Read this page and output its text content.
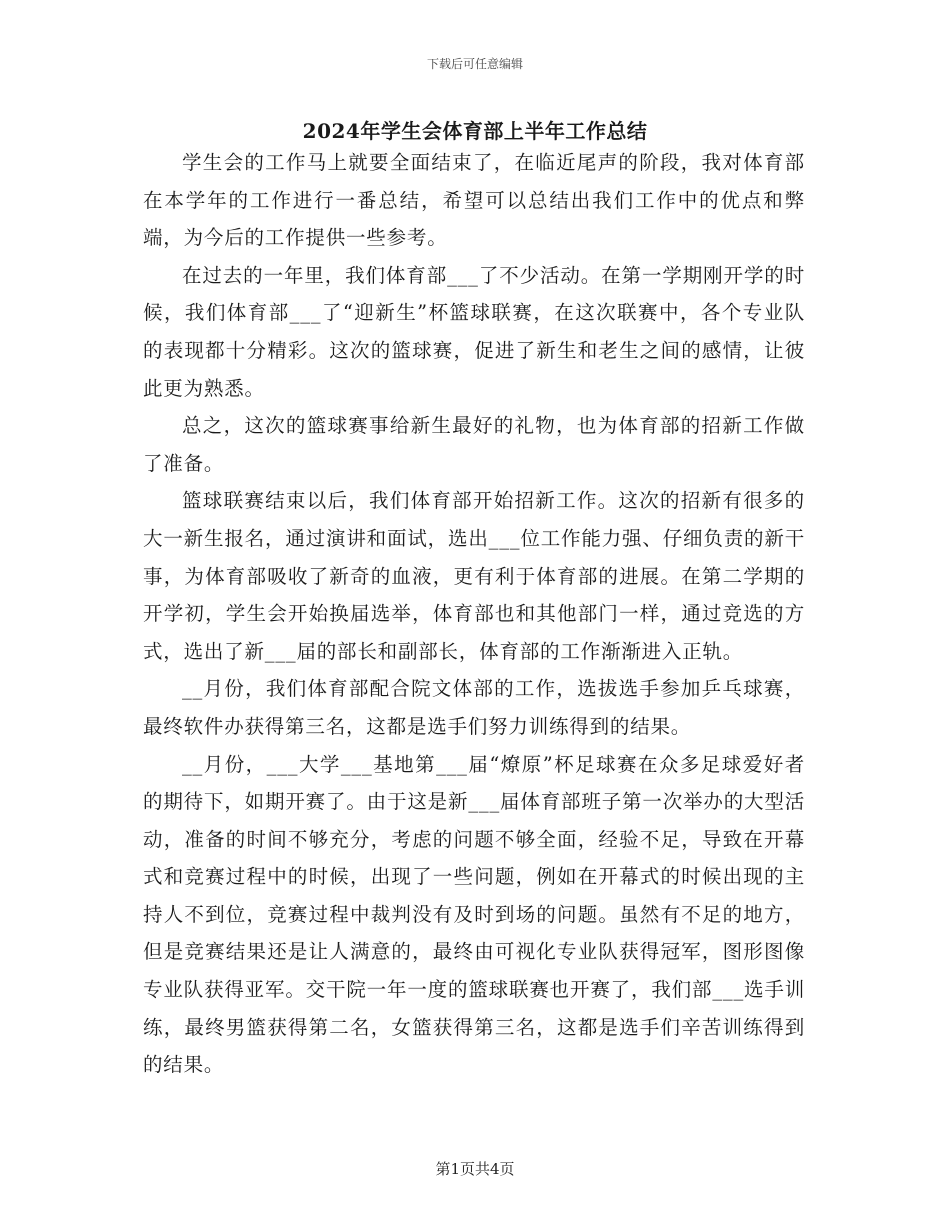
下载后可任意编辑
2024年学生会体育部上半年工作总结

学生会的工作马上就要全面结束了，在临近尾声的阶段，我对体育部在本学年的工作进行一番总结，希望可以总结出我们工作中的优点和弊端，为今后的工作提供一些参考。

在过去的一年里，我们体育部___了不少活动。在第一学期刚开学的时候，我们体育部___了“迎新生”杯篮球联赛，在这次联赛中，各个专业队的表现都十分精彩。这次的篮球赛，促进了新生和老生之间的感情，让彼此更为熟悉。

总之，这次的篮球赛事给新生最好的礼物，也为体育部的招新工作做了准备。

篮球联赛结束以后，我们体育部开始招新工作。这次的招新有很多的大一新生报名，通过演讲和面试，选出___位工作能力强、仔细负责的新干事，为体育部吸收了新奇的血液，更有利于体育部的进展。在第二学期的开学初，学生会开始换届选举，体育部也和其他部门一样，通过竞选的方式，选出了新___届的部长和副部长，体育部的工作渐渐进入正轨。

__月份，我们体育部配合院文体部的工作，选拔选手参加乒乓球赛，最终软件办获得第三名，这都是选手们努力训练得到的结果。

__月份，___大学___基地第___届“燎原”杯足球赛在众多足球爱好者的期待下，如期开赛了。由于这是新___届体育部班子第一次举办的大型活动，准备的时间不够充分，考虑的问题不够全面，经验不足，导致在开幕式和竞赛过程中的时候，出现了一些问题，例如在开幕式的时候出现的主持人不到位，竞赛过程中裁判没有及时到场的问题。虽然有不足的地方，但是竞赛结果还是让人满意的，最终由可视化专业队获得冠军，图形图像专业队获得亚军。交干院一年一度的篮球联赛也开赛了，我们部___选手训练，最终男篮获得第二名，女篮获得第三名，这都是选手们辛苦训练得到的结果。

第1页共4页
